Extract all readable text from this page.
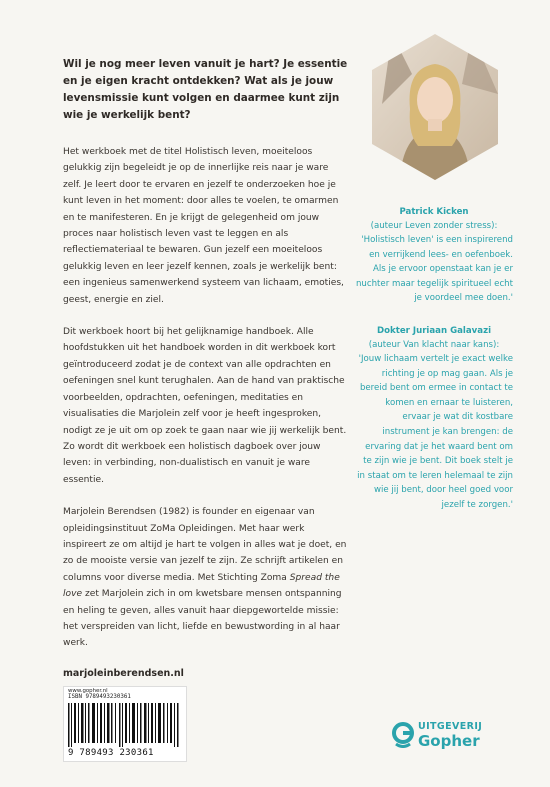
Wil je nog meer leven vanuit je hart? Je essentie en je eigen kracht ontdekken? Wat als je jouw levensmissie kunt volgen en daarmee kunt zijn wie je werkelijk bent?

Het werkboek met de titel Holistisch leven, moeiteloos gelukkig zijn begeleidt je op de innerlijke reis naar je ware zelf. Je leert door te ervaren en jezelf te onderzoeken hoe je kunt leven in het moment: door alles te voelen, te omarmen en te manifesteren. En je krijgt de gelegenheid om jouw proces naar holistisch leven vast te leggen en als reflectiemateriaal te bewaren. Gun jezelf een moeiteloos gelukkig leven en leer jezelf kennen, zoals je werkelijk bent: een ingenieus samenwerkend systeem van lichaam, emoties, geest, energie en ziel.

Dit werkboek hoort bij het gelijknamige handboek. Alle hoofdstukken uit het handboek worden in dit werkboek kort geïntroduceerd zodat je de context van alle opdrachten en oefeningen snel kunt terughalen. Aan de hand van praktische voorbeelden, opdrachten, oefeningen, meditaties en visualisaties die Marjolein zelf voor je heeft ingesproken, nodigt ze je uit om op zoek te gaan naar wie jij werkelijk bent. Zo wordt dit werkboek een holistisch dagboek over jouw leven: in verbinding, non-dualistisch en vanuit je ware essentie.

Marjolein Berendsen (1982) is founder en eigenaar van opleidingsinstituut ZoMa Opleidingen. Met haar werk inspireert ze om altijd je hart te volgen in alles wat je doet, en zo de mooiste versie van jezelf te zijn. Ze schrijft artikelen en columns voor diverse media. Met Stichting Zoma Spread the love zet Marjolein zich in om kwetsbare mensen ontspanning en heling te geven, alles vanuit haar diepgewortelde missie: het verspreiden van licht, liefde en bewustwording in al haar werk.

marjoleinberendsen.nl
Patrick Kicken
(auteur Leven zonder stress):
'Holistisch leven' is een inspirerend en verrijkend lees- en oefenboek. Als je ervoor openstaat kan je er nuchter maar tegelijk spiritueel echt je voordeel mee doen.'
Dokter Juriaan Galavazi
(auteur Van klacht naar kans):
'Jouw lichaam vertelt je exact welke richting je op mag gaan. Als je bereid bent om ermee in contact te komen en ernaar te luisteren, ervaar je wat dit kostbare instrument je kan brengen: de ervaring dat je het waard bent om te zijn wie je bent. Dit boek stelt je in staat om te leren helemaal te zijn wie jij bent, door heel goed voor jezelf te zorgen.'
www.gopher.nl
ISBN 9789493230361
9 789493 230361
UITGEVERIJ
Gopher
